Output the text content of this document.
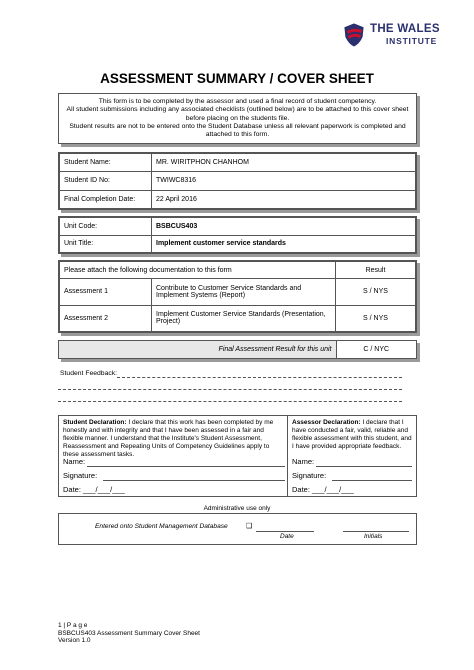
THE WALES
INSTITUTE
ASSESSMENT SUMMARY / COVER SHEET

This form is to be completed by the assessor and used a final record of student competency.

All student submissions including any associated checklists (outlined below) are to be attached to this cover sheet before placing on the students file.

Student results are not to be entered onto the Student Database unless all relevant paperwork is completed and attached to this form.

Student Name:	MR. WIRITPHON CHANHOM
Student ID No:	TWIWC8316
Final Completion Date:	22 April 2016
Unit Code:	BSBCUS403
Unit Title:	Implement customer service standards
Please attach the following documentation to this form		Result
Assessment 1	Contribute to Customer Service Standards and Implement Systems (Report)	S / NYS
Assessment 2	Implement Customer Service Standards (Presentation, Project)	S / NYS
Final Assessment Result for this unit	C / NYC
Student Feedback:
Student Declaration: I declare that this work has been completed by me honestly and with integrity and that I have been assessed in a fair and flexible manner. I understand that the Institute's Student Assessment, Reassessment and Repeating Units of Competency Guidelines apply to these assessment tasks.
Name:
Signature:
Date: ___/___/___
Assessor Declaration: I declare that I have conducted a fair, valid, reliable and flexible assessment with this student, and I have provided appropriate feedback.
Name:
Signature:
Date: ___/___/___
Administrative use only
Entered onto Student Management Database	❑
Date	Initials
1 | P a g e
BSBCUS403 Assessment Summary Cover Sheet
Version 1.0
